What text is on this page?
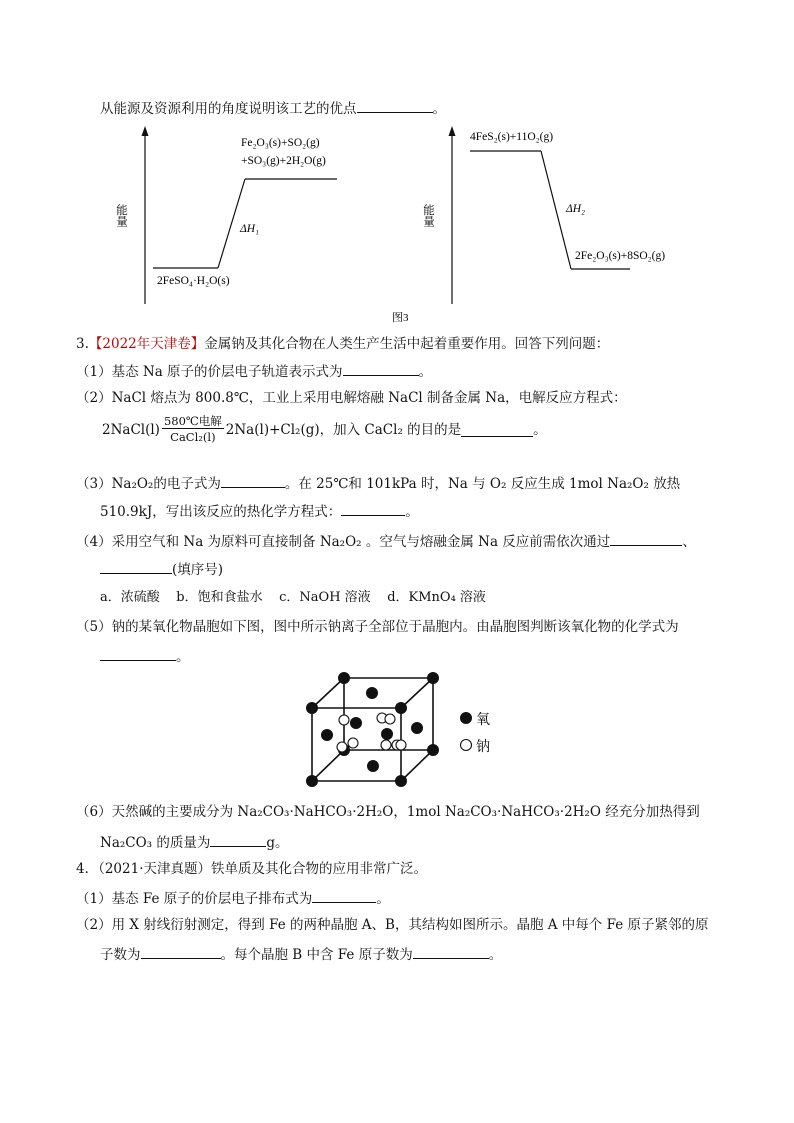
从能源及资源利用的角度说明该工艺的优点	。
能量
Fe₂O₃(s)+SO₂(g)
+SO₃(g)+2H₂O(g)
ΔH₁
2FeSO₄·H₂O(s)
能量
4FeS₂(s)+11O₂(g)
ΔH₂
2Fe₂O₃(s)+8SO₂(g)
图3
3.【2022年天津卷】金属钠及其化合物在人类生产生活中起着重要作用。回答下列问题：
（1）基态 Na 原子的价层电子轨道表示式为	。
（2）NaCl 熔点为 800.8℃，工业上采用电解熔融 NaCl 制备金属 Na，电解反应方程式：
2NaCl(l)
580℃电解
CaCl₂(l) 2Na(l)+Cl₂(g)，加入 CaCl₂ 的目的是	。
（3）Na₂O₂的电子式为	。在 25℃和 101kPa 时，Na 与 O₂ 反应生成 1mol Na₂O₂ 放热
510.9kJ，写出该反应的热化学方程式：	。
（4）采用空气和 Na 为原料可直接制备 Na₂O₂ 。空气与熔融金属 Na 反应前需依次通过	、
(填序号)
a．浓硫酸    b．饱和食盐水    c．NaOH 溶液    d．KMnO₄ 溶液
（5）钠的某氧化物晶胞如下图，图中所示钠离子全部位于晶胞内。由晶胞图判断该氧化物的化学式为
。
氧
钠
（6）天然碱的主要成分为 Na₂CO₃·NaHCO₃·2H₂O，1mol Na₂CO₃·NaHCO₃·2H₂O 经充分加热得到
Na₂CO₃ 的质量为	g。
4．（2021·天津真题）铁单质及其化合物的应用非常广泛。
（1）基态 Fe 原子的价层电子排布式为	。
（2）用 X 射线衍射测定，得到 Fe 的两种晶胞 A、B，其结构如图所示。晶胞 A 中每个 Fe 原子紧邻的原
子数为	。每个晶胞 B 中含 Fe 原子数为	。
